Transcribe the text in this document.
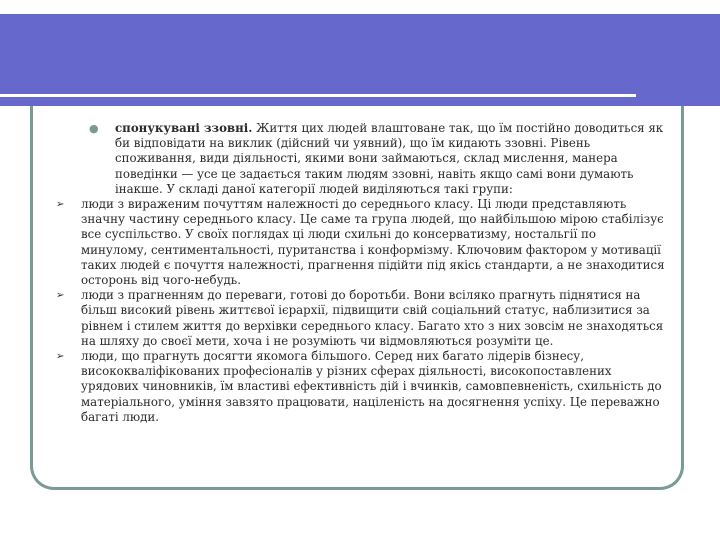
● спонукувані ззовні. Життя цих людей влаштоване так, що їм постійно доводиться як би відповідати на виклик (дійсний чи уявний), що їм кидають ззовні. Рівень споживання, види діяльності, якими вони займаються, склад мислення, манера поведінки — усе це задається таким людям ззовні, навіть якщо самі вони думають інакше. У складі даної категорії людей виділяються такі групи:
➢ люди з вираженим почуттям належності до середнього класу. Ці люди представляють значну частину середнього класу. Це саме та група людей, що найбільшою мірою стабілізує все суспільство. У своїх поглядах ці люди схильні до консерватизму, ностальгії по минулому, сентиментальності, пуританства і конформізму. Ключовим фактором у мотивації таких людей є почуття належності, прагнення підійти під якісь стандарти, а не знаходитися осторонь від чого-небудь.
➢ люди з прагненням до переваги, готові до боротьби. Вони всіляко прагнуть піднятися на більш високий рівень життєвої ієрархії, підвищити свій соціальний статус, наблизитися за рівнем і стилем життя до верхівки середнього класу. Багато хто з них зовсім не знаходяться на шляху до своєї мети, хоча і не розуміють чи відмовляються розуміти це.
➢ люди, що прагнуть досягти якомога більшого. Серед них багато лідерів бізнесу, висококваліфікованих професіоналів у різних сферах діяльності, високопоставлених урядових чиновників, їм властиві ефективність дій і вчинків, самовпевненість, схильність до матеріального, уміння завзято працювати, націленість на досягнення успіху. Це переважно багаті люди.
